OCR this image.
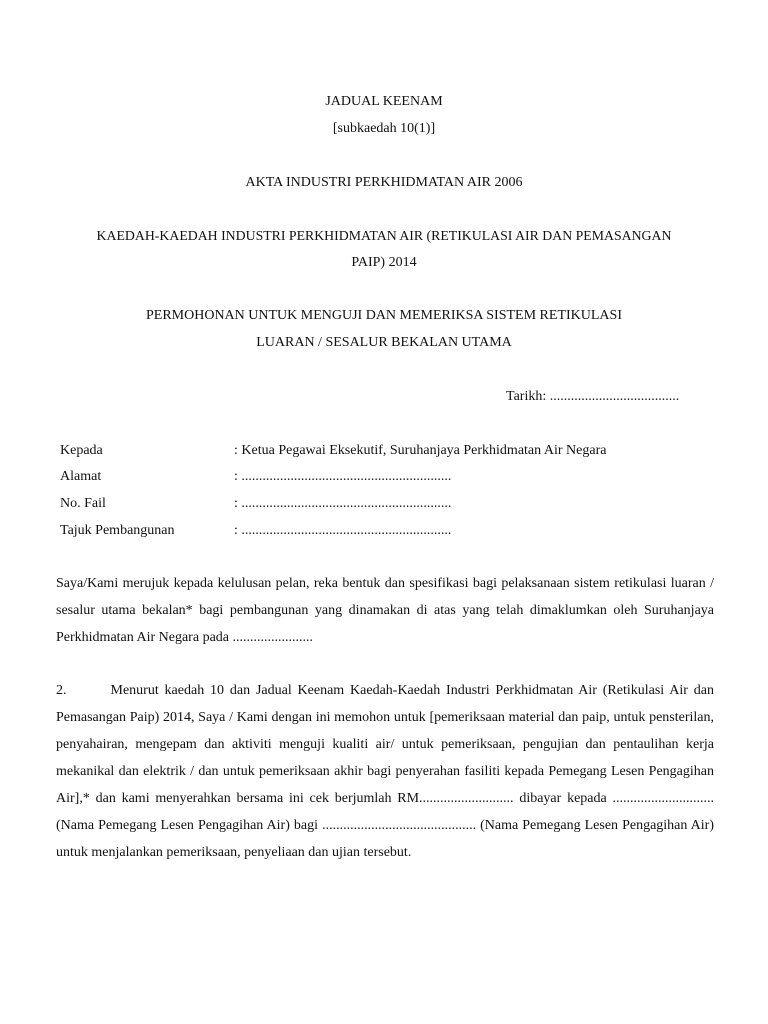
JADUAL KEENAM
[subkaedah 10(1)]
AKTA INDUSTRI PERKHIDMATAN AIR 2006
KAEDAH-KAEDAH INDUSTRI PERKHIDMATAN AIR (RETIKULASI AIR DAN PEMASANGAN
PAIP) 2014
PERMOHONAN UNTUK MENGUJI DAN MEMERIKSA SISTEM RETIKULASI
LUARAN / SESALUR BEKALAN UTAMA
Tarikh: .....................................
Kepada	: Ketua Pegawai Eksekutif, Suruhanjaya Perkhidmatan Air Negara
Alamat	: ............................................................
No. Fail	: ............................................................
Tajuk Pembangunan	: ............................................................
Saya/Kami merujuk kepada kelulusan pelan, reka bentuk dan spesifikasi bagi pelaksanaan sistem retikulasi luaran / sesalur utama bekalan* bagi pembangunan yang dinamakan di atas yang telah dimaklumkan oleh Suruhanjaya Perkhidmatan Air Negara pada .......................
2.	Menurut kaedah 10 dan Jadual Keenam Kaedah-Kaedah Industri Perkhidmatan Air (Retikulasi Air dan Pemasangan Paip) 2014, Saya / Kami dengan ini memohon untuk [pemeriksaan material dan paip, untuk pensterilan, penyahairan, mengepam dan aktiviti menguji kualiti air/ untuk pemeriksaan, pengujian dan pentaulihan kerja mekanikal dan elektrik / dan untuk pemeriksaan akhir bagi penyerahan fasiliti kepada Pemegang Lesen Pengagihan Air],* dan kami menyerahkan bersama ini cek berjumlah RM........................... dibayar kepada ............................. (Nama Pemegang Lesen Pengagihan Air) bagi ............................................ (Nama Pemegang Lesen Pengagihan Air) untuk menjalankan pemeriksaan, penyeliaan dan ujian tersebut.
